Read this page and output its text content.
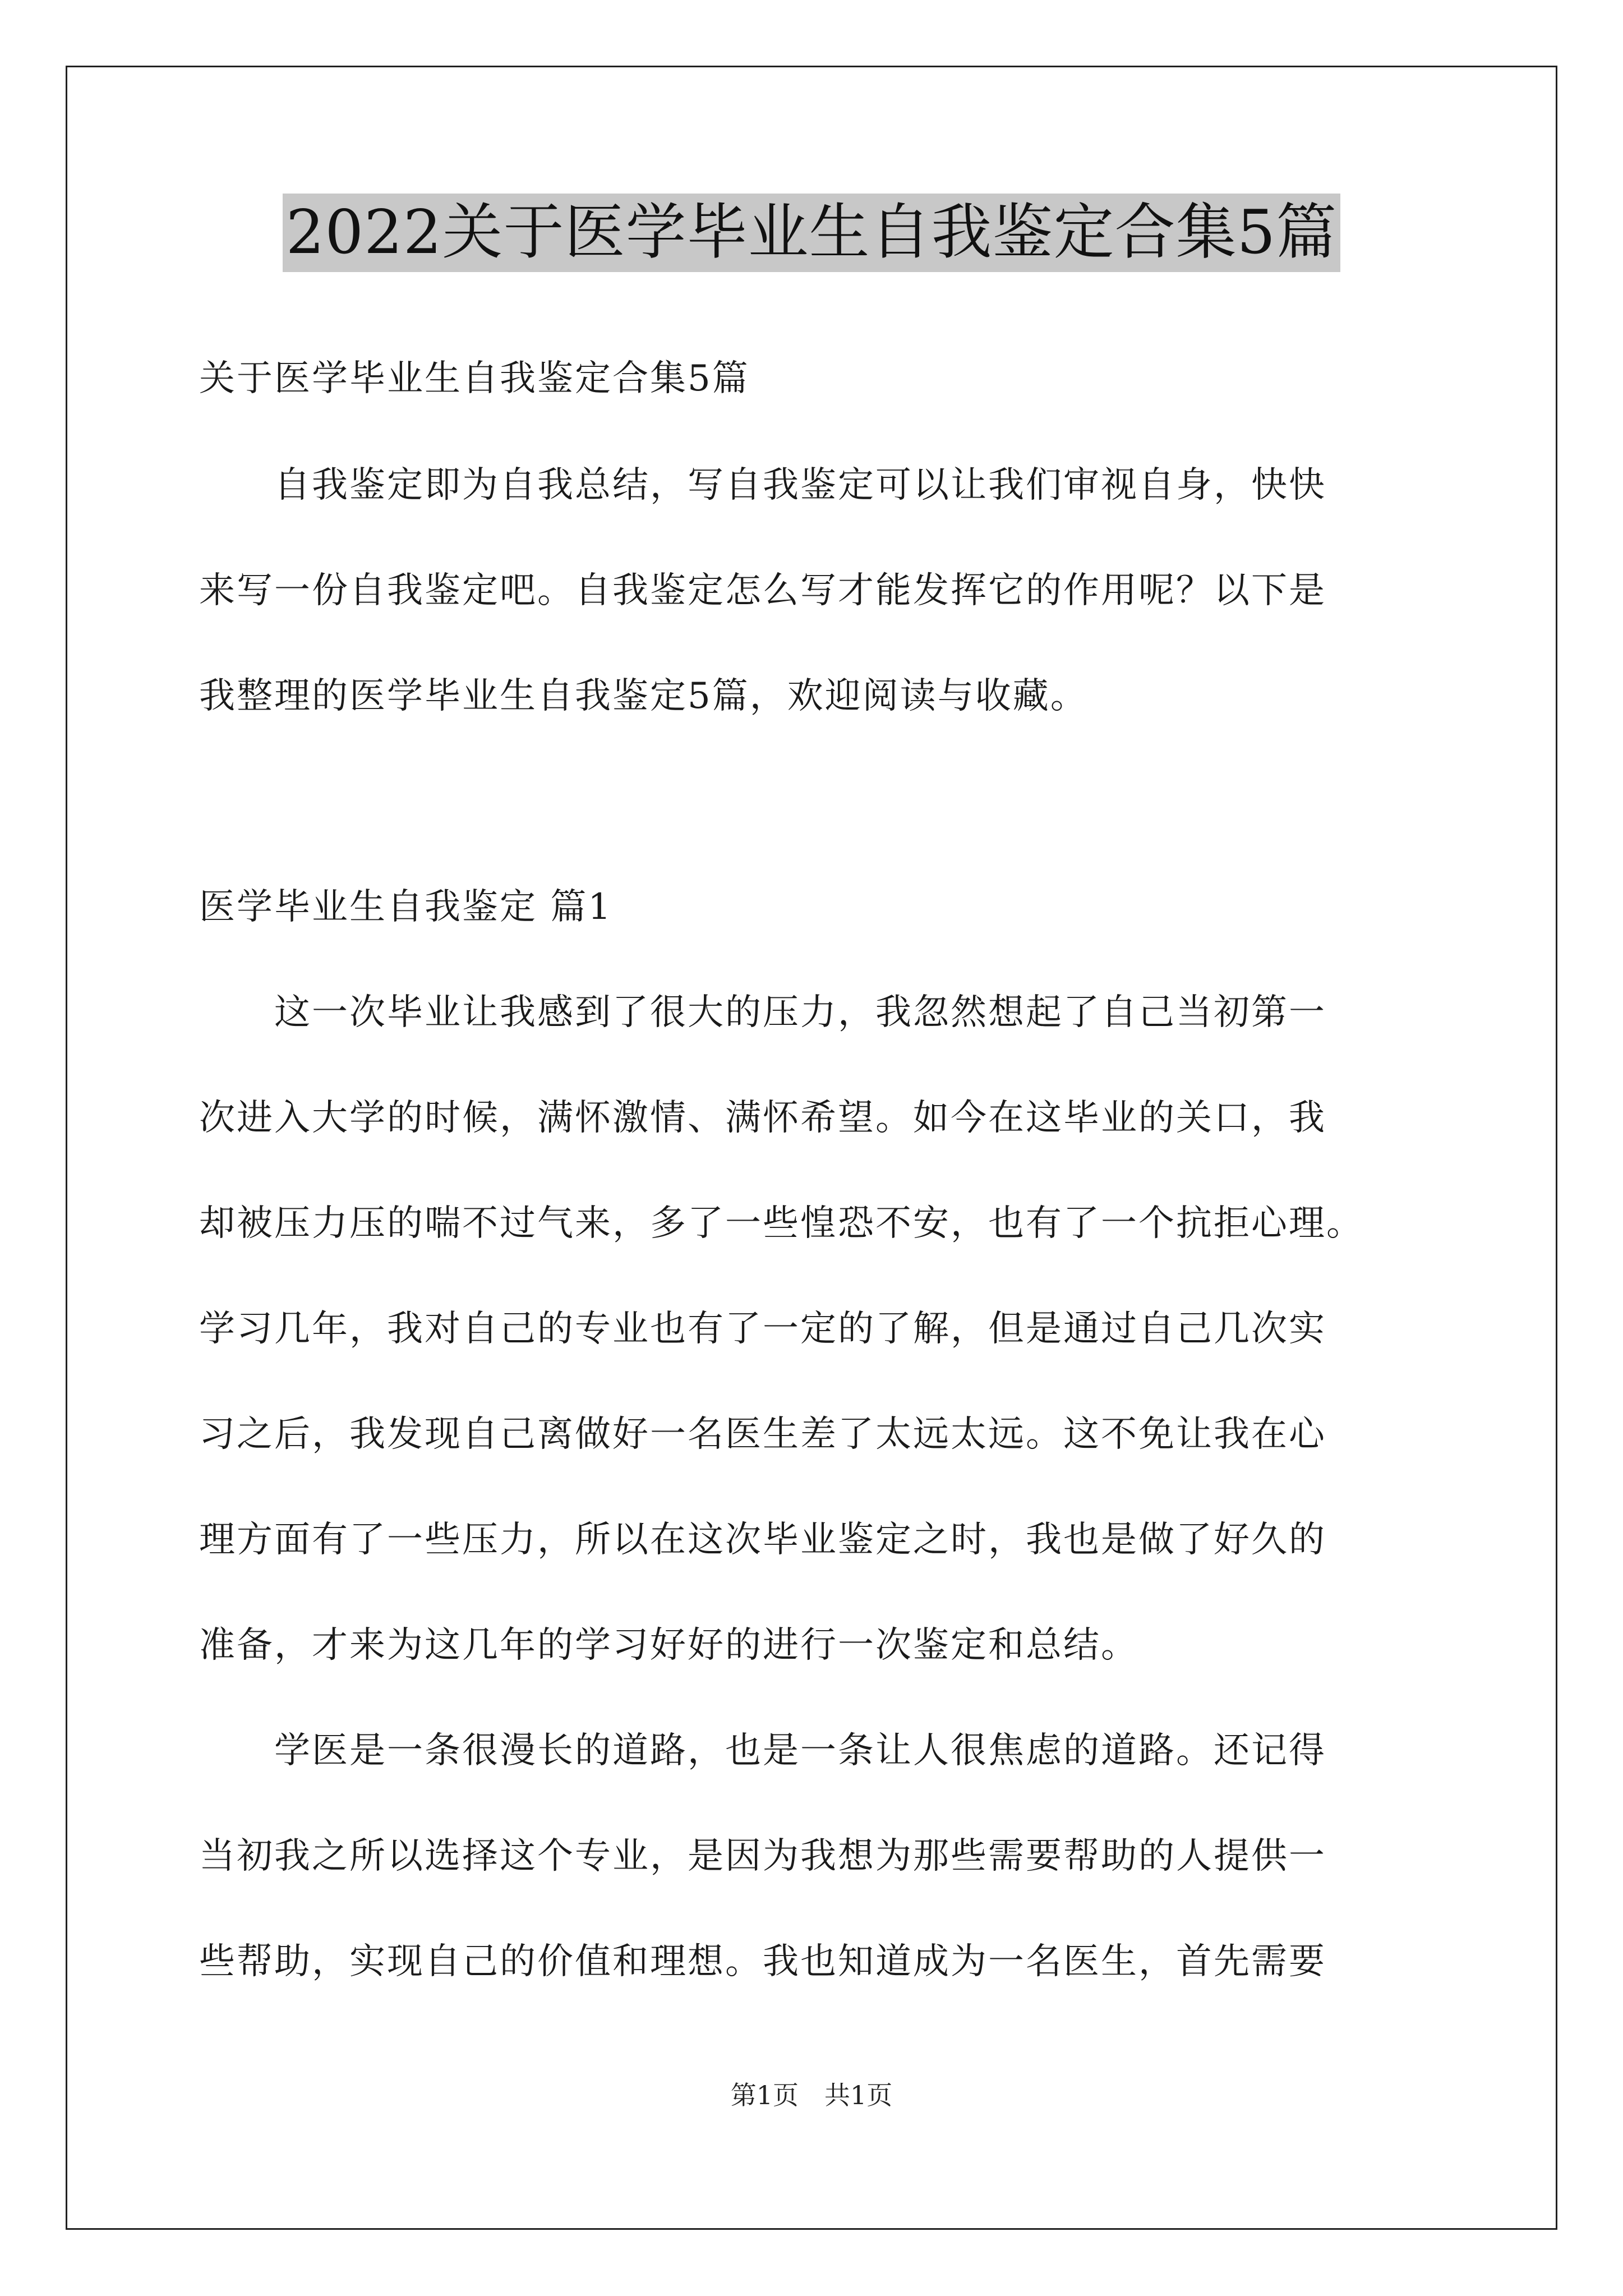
2022关于医学毕业生自我鉴定合集5篇
关于医学毕业生自我鉴定合集5篇
　　自我鉴定即为自我总结，写自我鉴定可以让我们审视自身，快快
来写一份自我鉴定吧。自我鉴定怎么写才能发挥它的作用呢？以下是
我整理的医学毕业生自我鉴定5篇，欢迎阅读与收藏。
医学毕业生自我鉴定 篇1
　　这一次毕业让我感到了很大的压力，我忽然想起了自己当初第一
次进入大学的时候，满怀激情、满怀希望。如今在这毕业的关口，我
却被压力压的喘不过气来，多了一些惶恐不安，也有了一个抗拒心理。
学习几年，我对自己的专业也有了一定的了解，但是通过自己几次实
习之后，我发现自己离做好一名医生差了太远太远。这不免让我在心
理方面有了一些压力，所以在这次毕业鉴定之时，我也是做了好久的
准备，才来为这几年的学习好好的进行一次鉴定和总结。
　　学医是一条很漫长的道路，也是一条让人很焦虑的道路。还记得
当初我之所以选择这个专业，是因为我想为那些需要帮助的人提供一
些帮助，实现自己的价值和理想。我也知道成为一名医生，首先需要
第1页　共1页
